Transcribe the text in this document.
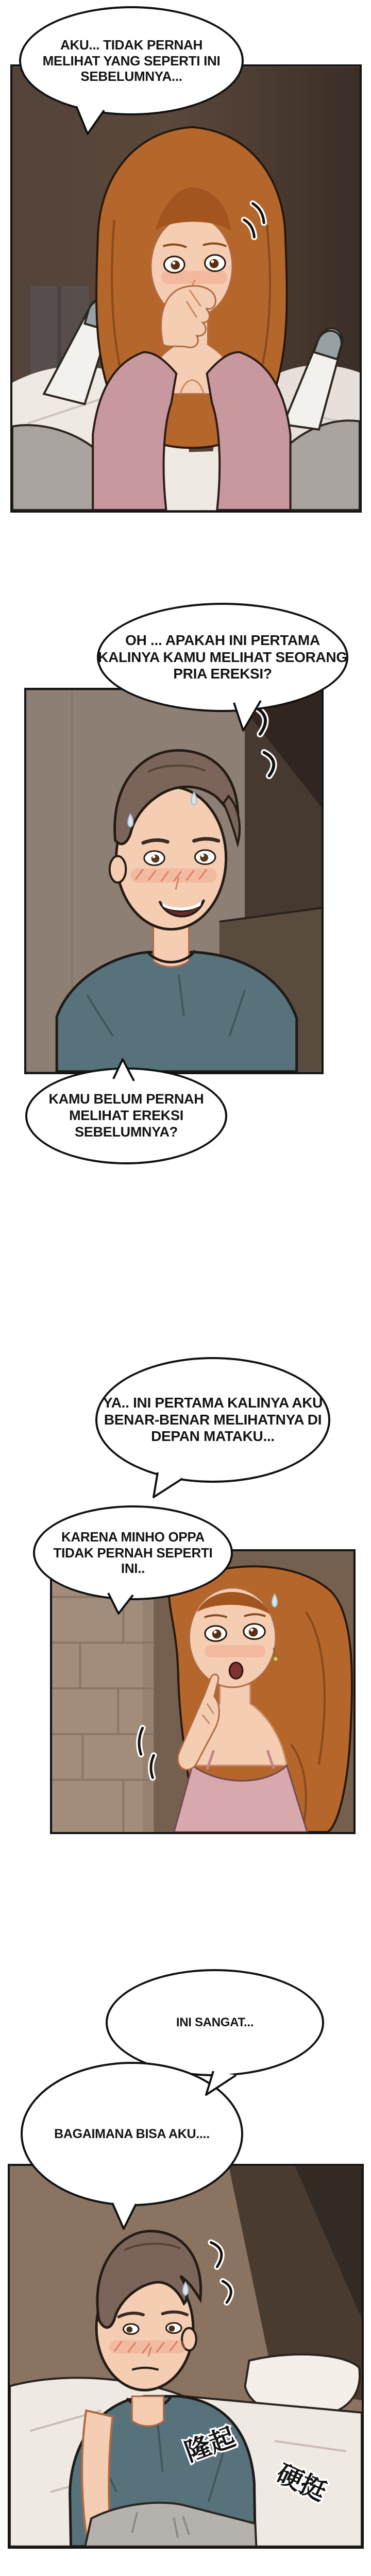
隆起
硬挺
AKU... TIDAK PERNAH
MELIHAT YANG SEPERTI INI
SEBELUMNYA...
OH ... APAKAH INI PERTAMA
KALINYA KAMU MELIHAT SEORANG
PRIA EREKSI?
KAMU BELUM PERNAH
MELIHAT EREKSI
SEBELUMNYA?
YA.. INI PERTAMA KALINYA AKU
BENAR-BENAR MELIHATNYA DI
DEPAN MATAKU...
KARENA MINHO OPPA
TIDAK PERNAH SEPERTI
INI..
INI SANGAT...
BAGAIMANA BISA AKU....
